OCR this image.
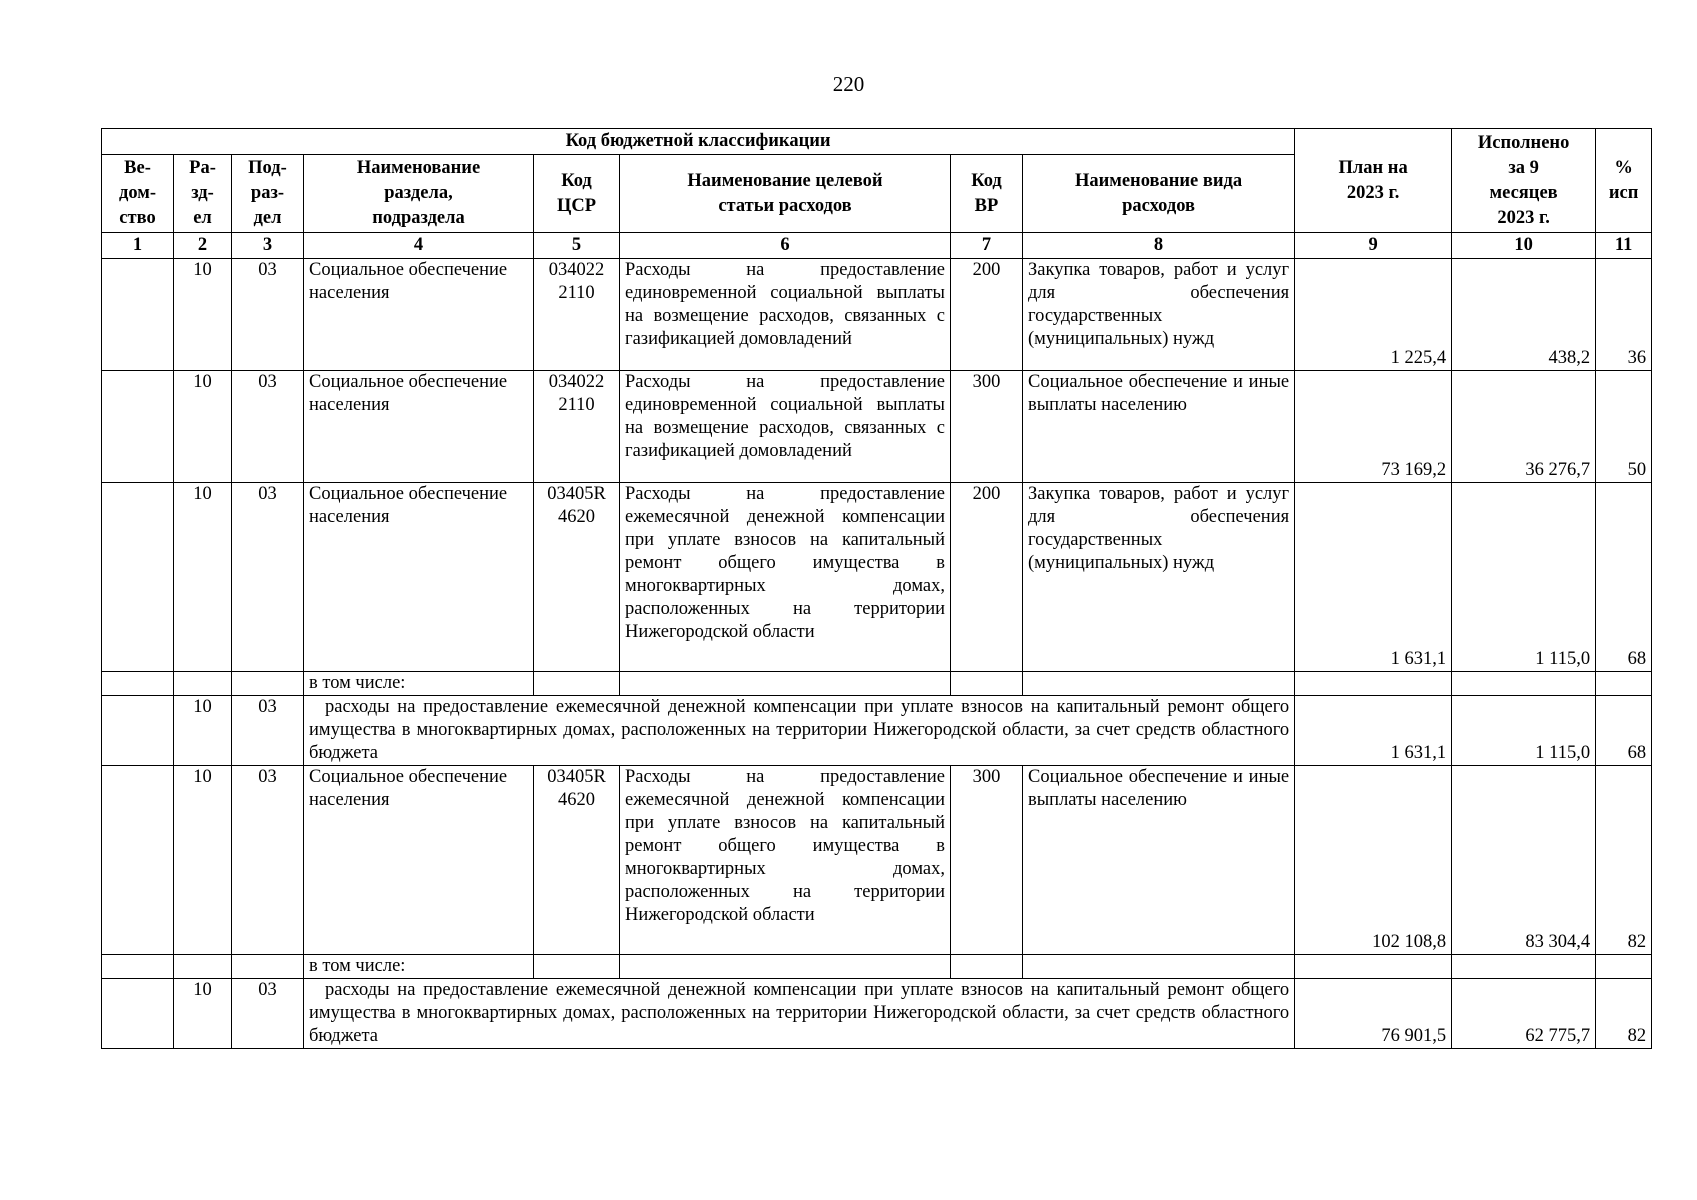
220
Код бюджетной классификации								План на
2023 г.	Исполнено
за 9
месяцев
2023 г.	%
исп
Ве-
дом-
ство	Ра-
зд-
ел	Под-
раз-
дел	Наименование
раздела,
подраздела	Код
ЦСР	Наименование целевой
статьи расходов	Код
ВР	Наименование вида
расходов			
1	2	3	4	5	6	7	8	9	10	11
	10	03	Социальное обеспечение населения	034022
2110	Расходы на предоставление единовременной социальной выплаты на возмещение расходов, связанных с газификацией домовладений	200	Закупка товаров, работ и услуг для обеспечения государственных (муниципальных) нужд	1 225,4	438,2	36
	10	03	Социальное обеспечение населения	034022
2110	Расходы на предоставление единовременной социальной выплаты на возмещение расходов, связанных с газификацией домовладений	300	Социальное обеспечение и иные выплаты населению	73 169,2	36 276,7	50
	10	03	Социальное обеспечение населения	03405R
4620	Расходы на предоставление ежемесячной денежной компенсации при уплате взносов на капитальный ремонт общего имущества в многоквартирных домах, расположенных на территории Нижегородской области	200	Закупка товаров, работ и услуг для обеспечения государственных (муниципальных) нужд	1 631,1	1 115,0	68
			в том числе:							
	10	03	расходы на предоставление ежемесячной денежной компенсации при уплате взносов на капитальный ремонт общего имущества в многоквартирных домах, расположенных на территории Нижегородской области, за счет средств областного бюджета					1 631,1	1 115,0	68
	10	03	Социальное обеспечение населения	03405R
4620	Расходы на предоставление ежемесячной денежной компенсации при уплате взносов на капитальный ремонт общего имущества в многоквартирных домах, расположенных на территории Нижегородской области	300	Социальное обеспечение и иные выплаты населению	102 108,8	83 304,4	82
			в том числе:							
	10	03	расходы на предоставление ежемесячной денежной компенсации при уплате взносов на капитальный ремонт общего имущества в многоквартирных домах, расположенных на территории Нижегородской области, за счет средств областного бюджета					76 901,5	62 775,7	82
